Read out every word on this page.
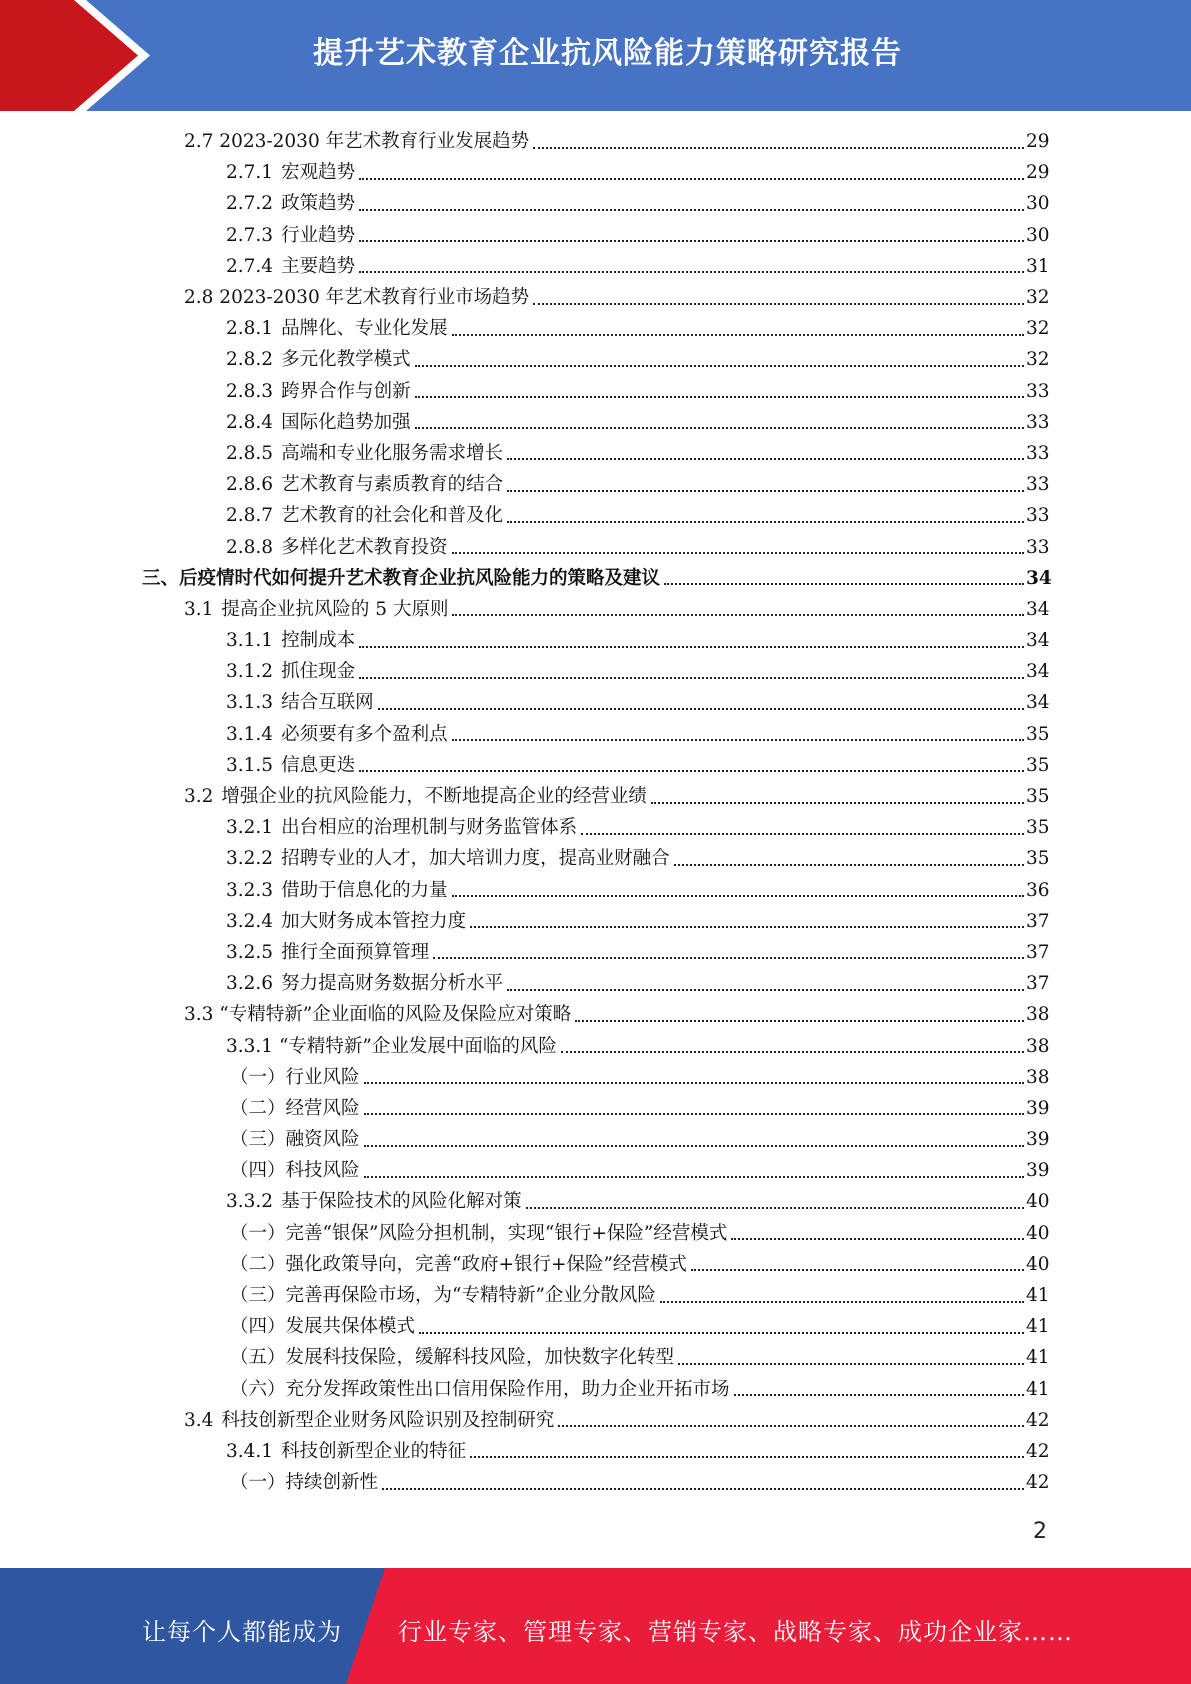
提升艺术教育企业抗风险能力策略研究报告
2.7 2023-2030 年艺术教育行业发展趋势	29
2.7.1 宏观趋势	29
2.7.2 政策趋势	30
2.7.3 行业趋势	30
2.7.4 主要趋势	31
2.8 2023-2030 年艺术教育行业市场趋势	32
2.8.1 品牌化、专业化发展	32
2.8.2 多元化教学模式	32
2.8.3 跨界合作与创新	33
2.8.4 国际化趋势加强	33
2.8.5 高端和专业化服务需求增长	33
2.8.6 艺术教育与素质教育的结合	33
2.8.7 艺术教育的社会化和普及化	33
2.8.8 多样化艺术教育投资	33
三、后疫情时代如何提升艺术教育企业抗风险能力的策略及建议	34
3.1 提高企业抗风险的 5 大原则	34
3.1.1 控制成本	34
3.1.2 抓住现金	34
3.1.3 结合互联网	34
3.1.4 必须要有多个盈利点	35
3.1.5 信息更迭	35
3.2 增强企业的抗风险能力，不断地提高企业的经营业绩	35
3.2.1 出台相应的治理机制与财务监管体系	35
3.2.2 招聘专业的人才，加大培训力度，提高业财融合	35
3.2.3 借助于信息化的力量	36
3.2.4 加大财务成本管控力度	37
3.2.5 推行全面预算管理	37
3.2.6 努力提高财务数据分析水平	37
3.3 “专精特新”企业面临的风险及保险应对策略	38
3.3.1 “专精特新”企业发展中面临的风险	38
（一）行业风险	38
（二）经营风险	39
（三）融资风险	39
（四）科技风险	39
3.3.2 基于保险技术的风险化解对策	40
（一）完善“银保”风险分担机制，实现“银行+保险”经营模式	40
（二）强化政策导向，完善“政府+银行+保险”经营模式	40
（三）完善再保险市场，为“专精特新”企业分散风险	41
（四）发展共保体模式	41
（五）发展科技保险，缓解科技风险，加快数字化转型	41
（六）充分发挥政策性出口信用保险作用，助力企业开拓市场	41
3.4 科技创新型企业财务风险识别及控制研究	42
3.4.1 科技创新型企业的特征	42
（一）持续创新性	42
2
让每个人都能成为 行业专家、管理专家、营销专家、战略专家、成功企业家……
